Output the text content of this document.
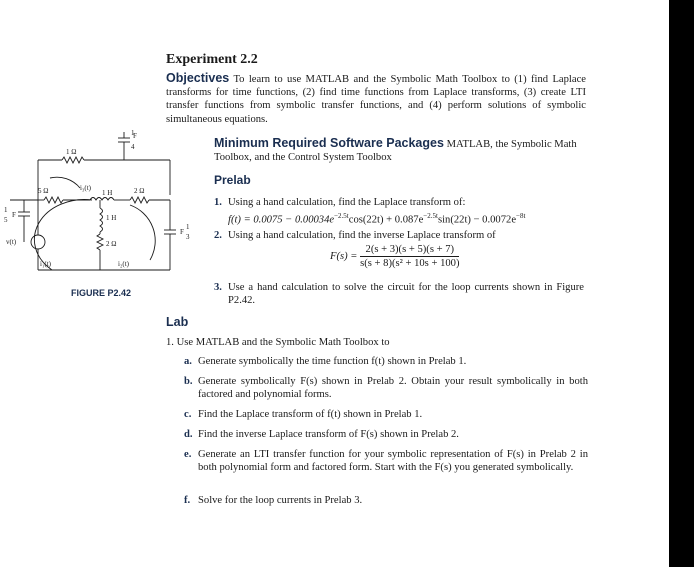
Experiment 2.2
Objectives To learn to use MATLAB and the Symbolic Math Toolbox to (1) find Laplace transforms for time functions, (2) find time functions from Laplace transforms, (3) create LTI transfer functions from symbolic transfer functions, and (4) perform solutions of symbolic simultaneous equations.
Minimum Required Software Packages MATLAB, the Symbolic Math Toolbox, and the Control System Toolbox
Prelab
1. Using a hand calculation, find the Laplace transform of:
$f(t) = 0.0075 - 0.00034e^{-2.5t}\cos(22t) + 0.087e^{-2.5t}\sin(22t) - 0.0072e^{-8t}$
2. Using a hand calculation, find the inverse Laplace transform of
$F(s) = \frac{2(s + 3)(s + 5)(s + 7)}{\text{s(s + 8)(s² + 10s + 100)}}$
3. Use a hand calculation to solve the circuit for the loop currents shown in Figure P2.42.
Lab
1. Use MATLAB and the Symbolic Math Toolbox to
a. Generate symbolically the time function f(t) shown in Prelab 1.
b. Generate symbolically F(s) shown in Prelab 2. Obtain your result symbolically in both factored and polynomial forms.
c. Find the Laplace transform of f(t) shown in Prelab 1.
d. Find the inverse Laplace transform of F(s) shown in Prelab 2.
e. Generate an LTI transfer function for your symbolic representation of F(s) in Prelab 2 in both polynomial form and factored form. Start with the F(s) you generated symbolically.
f. Solve for the loop currents in Prelab 3.
1 Ω
5 Ω	i₃(t)
1 H	2 Ω
1 H
2 Ω
F
1
4
1
5
F
1
3
F
v(t)
i₁(t)	i₂(t)
FIGURE P2.42
